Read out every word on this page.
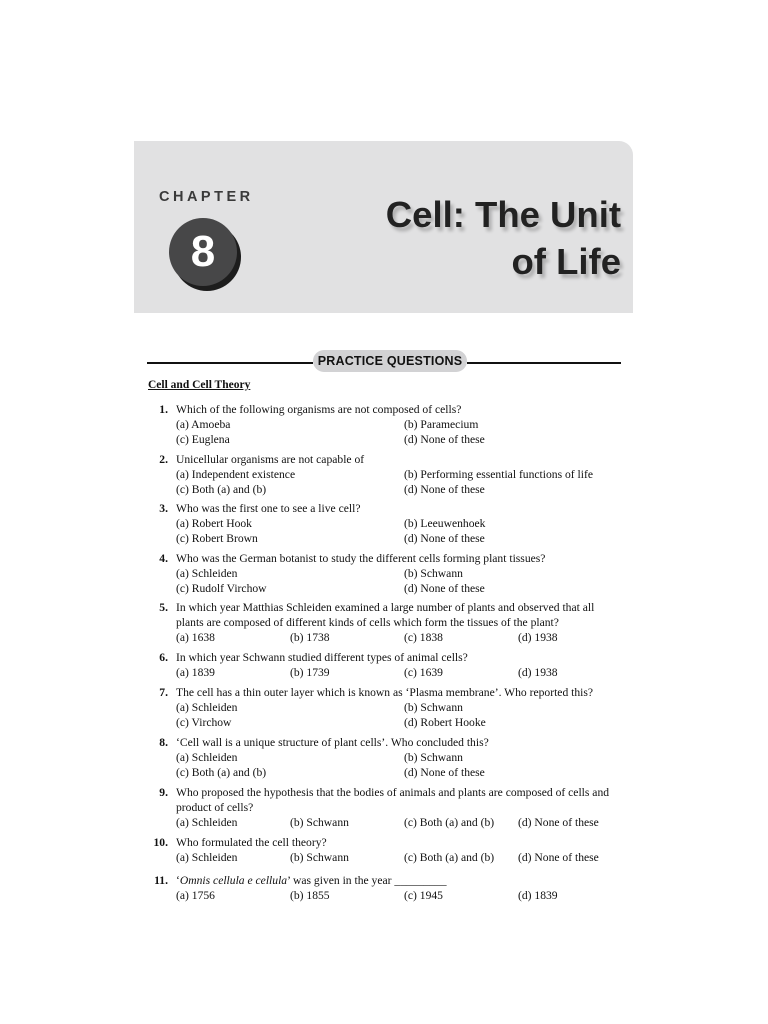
CHAPTER
8
Cell: The Unit
of Life
PRACTICE QUESTIONS
Cell and Cell Theory
1. Which of the following organisms are not composed of cells?
(a) Amoeba	(b) Paramecium
(c) Euglena	(d) None of these
2. Unicellular organisms are not capable of
(a) Independent existence	(b) Performing essential functions of life
(c) Both (a) and (b)	(d) None of these
3. Who was the first one to see a live cell?
(a) Robert Hook	(b) Leeuwenhoek
(c) Robert Brown	(d) None of these
4. Who was the German botanist to study the different cells forming plant tissues?
(a) Schleiden	(b) Schwann
(c) Rudolf Virchow	(d) None of these
5. In which year Matthias Schleiden examined a large number of plants and observed that all
plants are composed of different kinds of cells which form the tissues of the plant?
(a) 1638	(b) 1738	(c) 1838	(d) 1938
6. In which year Schwann studied different types of animal cells?
(a) 1839	(b) 1739	(c) 1639	(d) 1938
7. The cell has a thin outer layer which is known as ‘Plasma membrane’. Who reported this?
(a) Schleiden	(b) Schwann
(c) Virchow	(d) Robert Hooke
8. ‘Cell wall is a unique structure of plant cells’. Who concluded this?
(a) Schleiden	(b) Schwann
(c) Both (a) and (b)	(d) None of these
9. Who proposed the hypothesis that the bodies of animals and plants are composed of cells and
product of cells?
(a) Schleiden	(b) Schwann	(c) Both (a) and (b) (d) None of these
10. Who formulated the cell theory?
(a) Schleiden	(b) Schwann	(c) Both (a) and (b) (d) None of these
11. ‘Omnis cellula e cellula’ was given in the year _________
(a) 1756	(b) 1855	(c) 1945	(d) 1839
